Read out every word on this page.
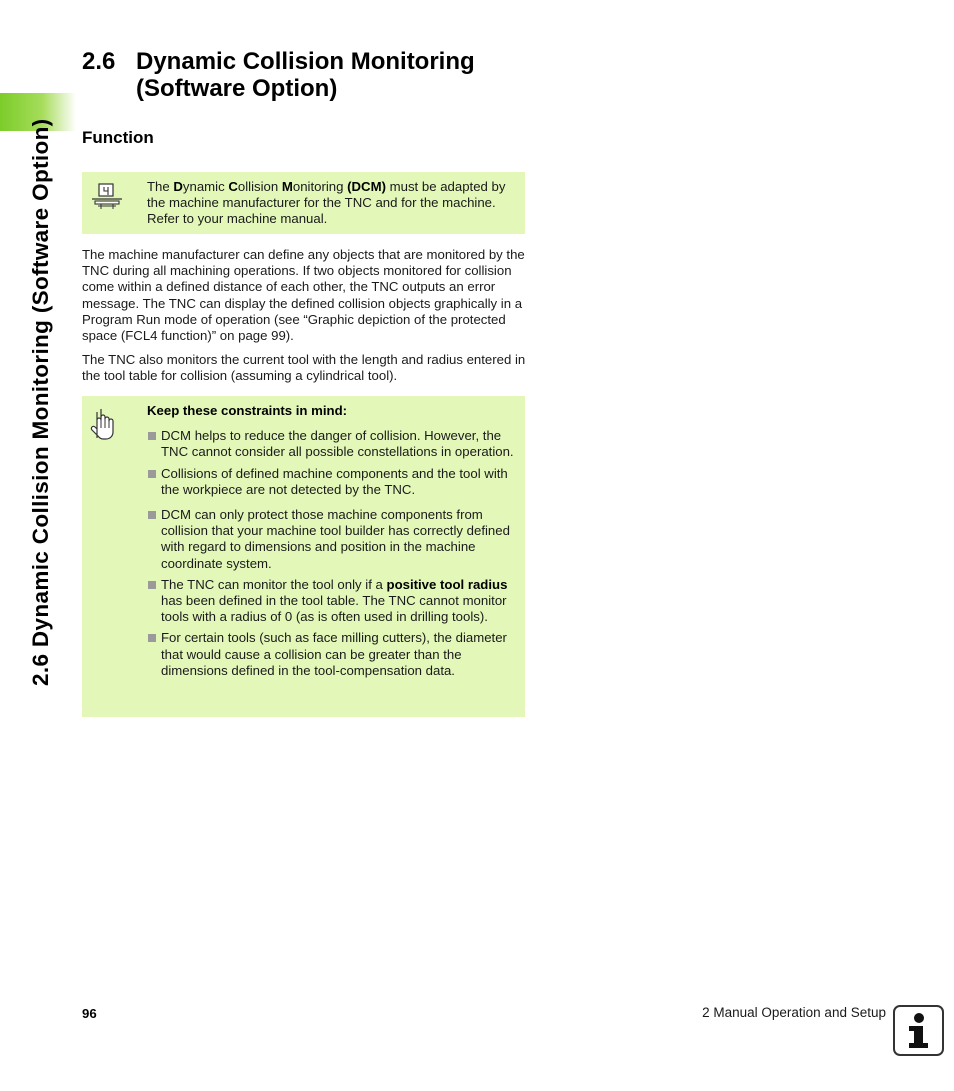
2.6 Dynamic Collision Monitoring (Software Option)
2.6 Dynamic Collision Monitoring (Software Option)
Function
The Dynamic Collision Monitoring (DCM) must be adapted by the machine manufacturer for the TNC and for the machine. Refer to your machine manual.
The machine manufacturer can define any objects that are monitored by the TNC during all machining operations. If two objects monitored for collision come within a defined distance of each other, the TNC outputs an error message. The TNC can display the defined collision objects graphically in a Program Run mode of operation (see “Graphic depiction of the protected space (FCL4 function)” on page 99).
The TNC also monitors the current tool with the length and radius entered in the tool table for collision (assuming a cylindrical tool).
Keep these constraints in mind:
DCM helps to reduce the danger of collision. However, the TNC cannot consider all possible constellations in operation.
Collisions of defined machine components and the tool with the workpiece are not detected by the TNC.
DCM can only protect those machine components from collision that your machine tool builder has correctly defined with regard to dimensions and position in the machine coordinate system.
The TNC can monitor the tool only if a positive tool radius has been defined in the tool table. The TNC cannot monitor tools with a radius of 0 (as is often used in drilling tools).
For certain tools (such as face milling cutters), the diameter that would cause a collision can be greater than the dimensions defined in the tool-compensation data.
96	2 Manual Operation and Setup
